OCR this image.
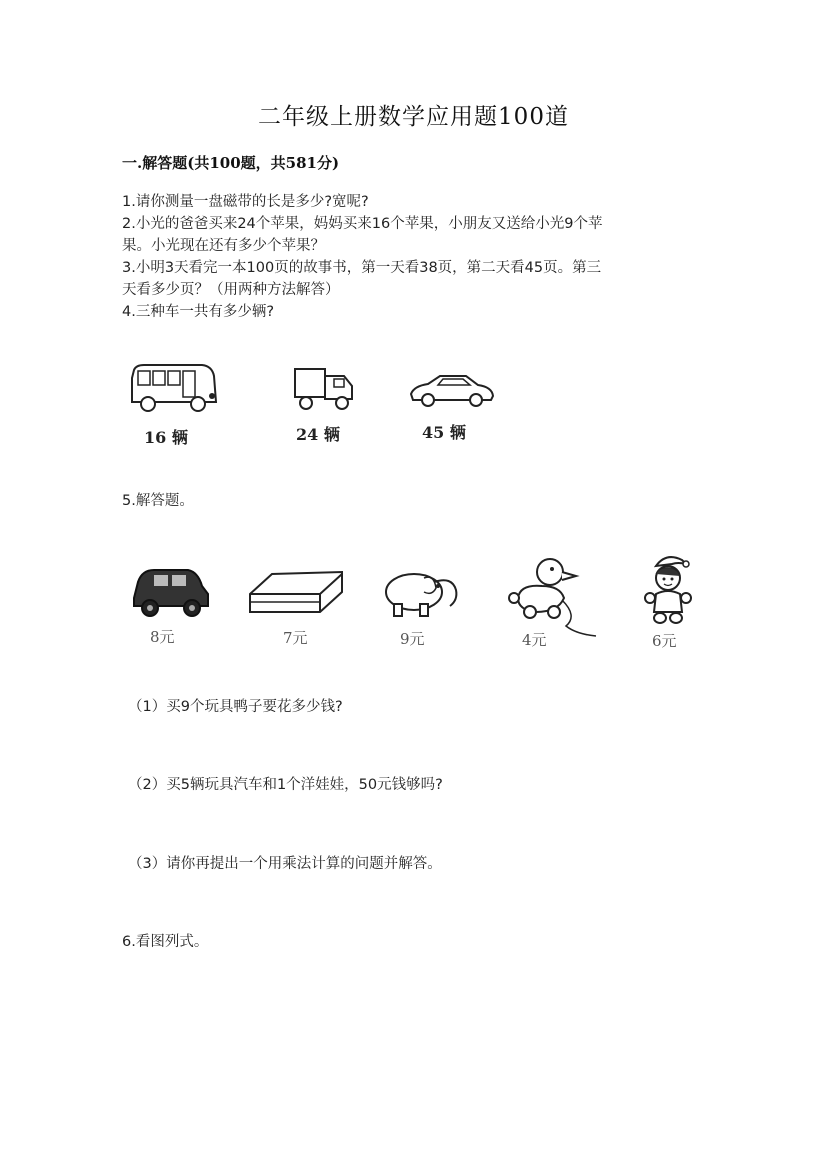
二年级上册数学应用题100道
一.解答题(共100题，共581分)
1.请你测量一盘磁带的长是多少?宽呢?
2.小光的爸爸买来24个苹果，妈妈买来16个苹果，小朋友又送给小光9个苹
果。小光现在还有多少个苹果？
3.小明3天看完一本100页的故事书，第一天看38页，第二天看45页。第三
天看多少页？（用两种方法解答）
4.三种车一共有多少辆?
16 辆	24 辆	45 辆
5.解答题。
8元	7元	9元	4元	6元
（1）买9个玩具鸭子要花多少钱?
（2）买5辆玩具汽车和1个洋娃娃，50元钱够吗?
（3）请你再提出一个用乘法计算的问题并解答。
6.看图列式。
